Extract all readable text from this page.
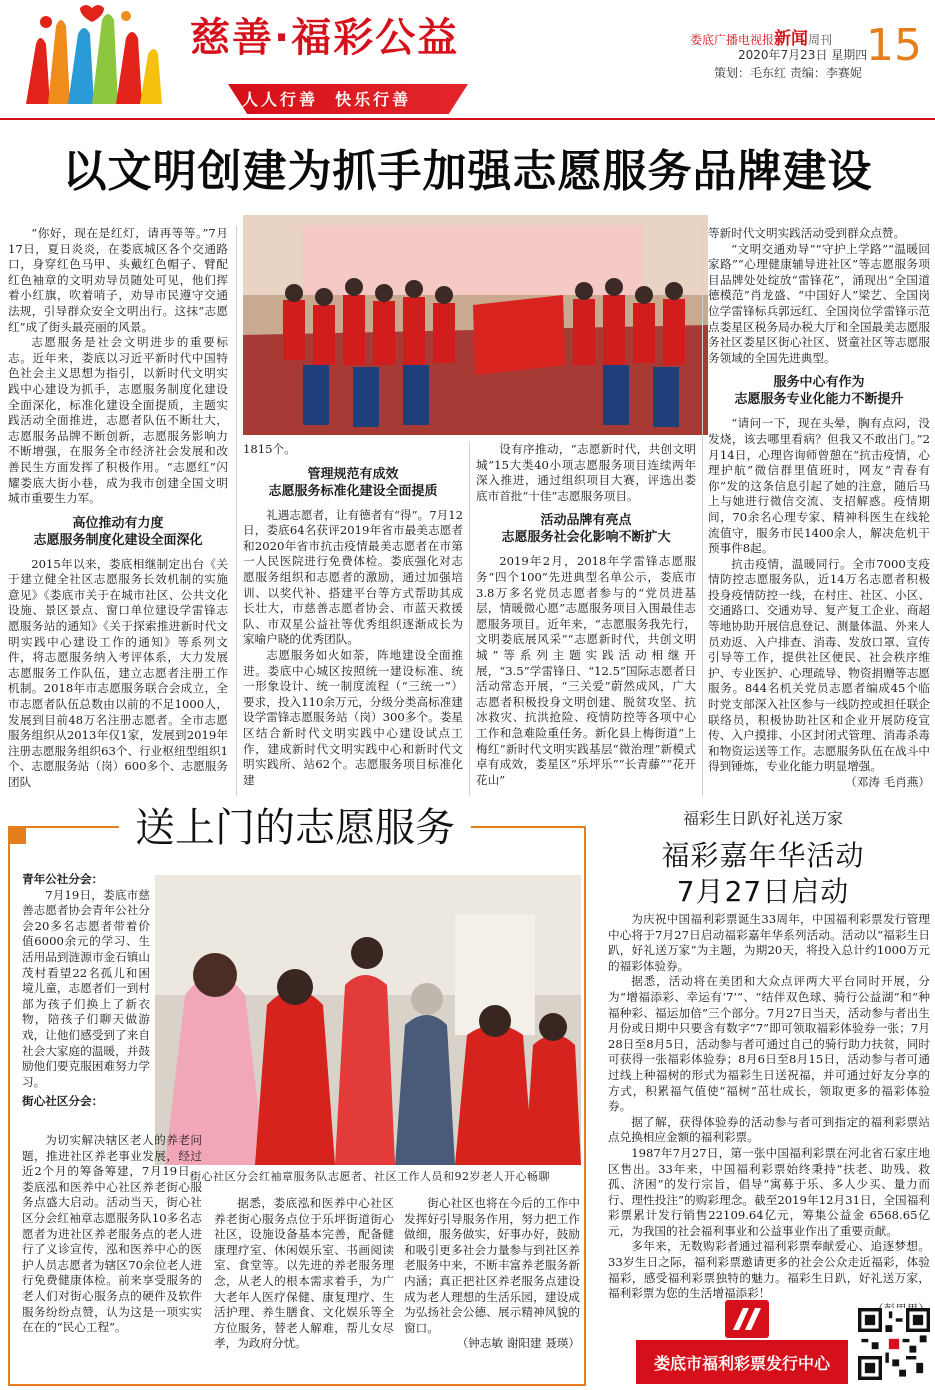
慈善·福彩公益
人人行善  快乐行善
娄底广播电视报新闻周刊 15
2020年7月23日 星期四
策划：毛东红 责编：李赛妮
以文明创建为抓手加强志愿服务品牌建设

“你好，现在是红灯，请再等等。”7月17日，夏日炎炎，在娄底城区各个交通路口，身穿红色马甲、头戴红色帽子、臂配红色袖章的文明劝导员随处可见，他们挥着小红旗，吹着哨子，劝导市民遵守交通法规，引导群众安全文明出行。这抹“志愿红”成了街头最亮丽的风景。

志愿服务是社会文明进步的重要标志。近年来，娄底以习近平新时代中国特色社会主义思想为指引，以新时代文明实践中心建设为抓手，志愿服务制度化建设全面深化，标准化建设全面提质，主题实践活动全面推进，志愿者队伍不断壮大，志愿服务品牌不断创新，志愿服务影响力不断增强，在服务全市经济社会发展和改善民生方面发挥了积极作用。“志愿红”闪耀娄底大街小巷，成为我市创建全国文明城市重要生力军。

高位推动有力度
志愿服务制度化建设全面深化

2015年以来，娄底相继制定出台《关于建立健全社区志愿服务长效机制的实施意见》《娄底市关于在城市社区、公共文化设施、景区景点、窗口单位建设学雷锋志愿服务站的通知》《关于探索推进新时代文明实践中心建设工作的通知》等系列文件，将志愿服务纳入考评体系，大力发展志愿服务工作队伍，建立志愿者注册工作机制。2018年市志愿服务联合会成立，全市志愿者队伍总数由以前的不足1000人，发展到目前48万名注册志愿者。全市志愿服务组织从2013年仅1家，发展到2019年注册志愿服务组织63个、行业枢纽型组织1个、志愿服务站（岗）600多个、志愿服务团队

1815个。

管理规范有成效
志愿服务标准化建设全面提质

礼遇志愿者，让有德者有“得”。7月12日，娄底64名获评2019年省市最美志愿者和2020年省市抗击疫情最美志愿者在市第一人民医院进行免费体检。娄底强化对志愿服务组织和志愿者的激励，通过加强培训、以奖代补、搭建平台等方式帮助其成长壮大，市慈善志愿者协会、市蓝天救援队、市双星公益社等优秀组织逐渐成长为家喻户晓的优秀团队。

志愿服务如火如荼，阵地建设全面推进。娄底中心城区按照统一建设标准、统一形象设计、统一制度流程（“三统一”）要求，投入110余万元，分级分类高标准建设学雷锋志愿服务站（岗）300多个。娄星区结合新时代文明实践中心建设试点工作，建成新时代文明实践中心和新时代文明实践所、站62个。志愿服务项目标准化建

设有序推动，“志愿新时代，共创文明城”15大类40小项志愿服务项目连续两年深入推进，通过组织项目大赛，评选出娄底市首批“十佳”志愿服务项目。

活动品牌有亮点
志愿服务社会化影响不断扩大

2019年2月，2018年学雷锋志愿服务“四个100”先进典型名单公示，娄底市3.8万多名党员志愿者参与的“党员进基层，情暖微心愿”志愿服务项目入围最佳志愿服务项目。近年来，“志愿服务我先行，文明娄底展风采”“志愿新时代，共创文明城”等系列主题实践活动相继开展，“3.5”学雷锋日、“12.5”国际志愿者日活动常态开展，“三关爱”蔚然成风，广大志愿者积极投身文明创建、脱贫攻坚、抗冰救灾、抗洪抢险、疫情防控等各项中心工作和急难险重任务。新化县上梅街道“上梅红”新时代文明实践基层“微治理”新模式卓有成效，娄星区“乐坪乐”“长青藤”“花开花山”

等新时代文明实践活动受到群众点赞。

“文明交通劝导”“守护上学路”“温暖回家路”“心理健康辅导进社区”等志愿服务项目品牌处处绽放“雷锋花”，涌现出“全国道德模范”肖龙盛、“中国好人”梁艺、全国岗位学雷锋标兵郭远红、全国岗位学雷锋示范点娄星区税务局办税大厅和全国最美志愿服务社区娄星区街心社区、贤童社区等志愿服务领域的全国先进典型。

服务中心有作为
志愿服务专业化能力不断提升

“请问一下，现在头晕，胸有点闷，没发烧，该去哪里看病？但我又不敢出门。”2月14日，心理咨询师曾憩在“抗击疫情，心理护航”微信群里值班时，网友“青春有你”发的这条信息引起了她的注意，随后马上与她进行微信交流、支招解惑。疫情期间，70余名心理专家、精神科医生在线轮流值守，服务市民1400余人，解决危机干预事件8起。

抗击疫情，温暖同行。全市7000支疫情防控志愿服务队，近14万名志愿者积极投身疫情防控一线，在村庄、社区、小区、交通路口、交通劝导、复产复工企业、商超等地协助开展信息登记、测量体温、外来人员劝返、入户排查、消毒、发放口罩、宣传引导等工作，提供社区便民、社会秩序维护、专业医护、心理疏导、物资捐赠等志愿服务。844名机关党员志愿者编成45个临时党支部深入社区参与一线防控或担任联企联络员，积极协助社区和企业开展防疫宣传、入户摸排、小区封闭式管理、消毒杀毒和物资运送等工作。志愿服务队伍在战斗中得到锤炼，专业化能力明显增强。

（邓涛 毛肖燕）

送上门的志愿服务

青年公社分会：

7月19日，娄底市慈善志愿者协会青年公社分会20多名志愿者带着价值6000余元的学习、生活用品到涟源市金石镇山茂村看望22名孤儿和困境儿童，志愿者们一到村部为孩子们换上了新衣物，陪孩子们聊天做游戏，让他们感受到了来自社会大家庭的温暖，并鼓励他们要克服困难努力学习。

街心社区分会：

街心社区分会红袖章服务队志愿者、社区工作人员和92岁老人开心畅聊

为切实解决辖区老人的养老问题，推进社区养老事业发展，经过近2个月的筹备筹建，7月19日，娄底泓和医养中心社区养老街心服务点盛大启动。活动当天，街心社区分会红袖章志愿服务队10多名志愿者为进社区养老服务点的老人进行了义诊宣传，泓和医养中心的医护人员志愿者为辖区70余位老人进行免费健康体检。前来享受服务的老人们对街心服务点的硬件及软件服务纷纷点赞，认为这是一项实实在在的“民心工程”。

据悉，娄底泓和医养中心社区养老街心服务点位于乐坪街道街心社区，设施设备基本完善，配备健康理疗室、休闲娱乐室、书画阅读室、食堂等。以先进的养老服务理念，从老人的根本需求着手，为广大老年人医疗保健、康复理疗、生活护理、养生膳食、文化娱乐等全方位服务，替老人解难，帮儿女尽孝，为政府分忧。

街心社区也将在今后的工作中发挥好引导服务作用，努力把工作做细，服务做实，好事办好，鼓励和吸引更多社会力量参与到社区养老服务中来，不断丰富养老服务新内涵；真正把社区养老服务点建设成为老人理想的生活乐园，建设成为弘扬社会公德、展示精神风貌的窗口。

（钟志敏 谢阳建 聂瑛）

福彩生日趴好礼送万家
福彩嘉年华活动
7月27日启动

为庆祝中国福利彩票诞生33周年，中国福利彩票发行管理中心将于7月27日启动福彩嘉年华系列活动。活动以“福彩生日趴，好礼送万家”为主题，为期20天，将投入总计约1000万元的福彩体验券。

据悉，活动将在美团和大众点评两大平台同时开展，分为“增福添彩、幸运有‘7’”、“结伴双色球、骑行公益湖”和“种福种彩、福运加倍”三个部分。7月27日当天，活动参与者出生月份或日期中只要含有数字“7”即可领取福彩体验券一张；7月28日至8月5日，活动参与者可通过自己的骑行助力扶贫，同时可获得一张福彩体验券；8月6日至8月15日，活动参与者可通过线上种福树的形式为福彩生日送祝福，并可通过好友分享的方式，积累福气值使“福树”茁壮成长，领取更多的福彩体验券。

据了解，获得体验券的活动参与者可到指定的福利彩票站点兑换相应金额的福利彩票。

1987年7月27日，第一张中国福利彩票在河北省石家庄地区售出。33年来，中国福利彩票始终秉持“扶老、助残、救孤、济困”的发行宗旨，倡导“寓募于乐、多人少买、量力而行、理性投注”的购彩理念。截至2019年12月31日，全国福利彩票累计发行销售22109.64亿元，筹集公益金 6568.65亿元，为我国的社会福利事业和公益事业作出了重要贡献。

多年来，无数购彩者通过福利彩票奉献爱心、追逐梦想。33岁生日之际，福利彩票邀请更多的社会公众走近福彩，体验福彩，感受福利彩票独特的魅力。福彩生日趴，好礼送万家，福利彩票为您的生活增福添彩！

娄底市福利彩票发行中心
